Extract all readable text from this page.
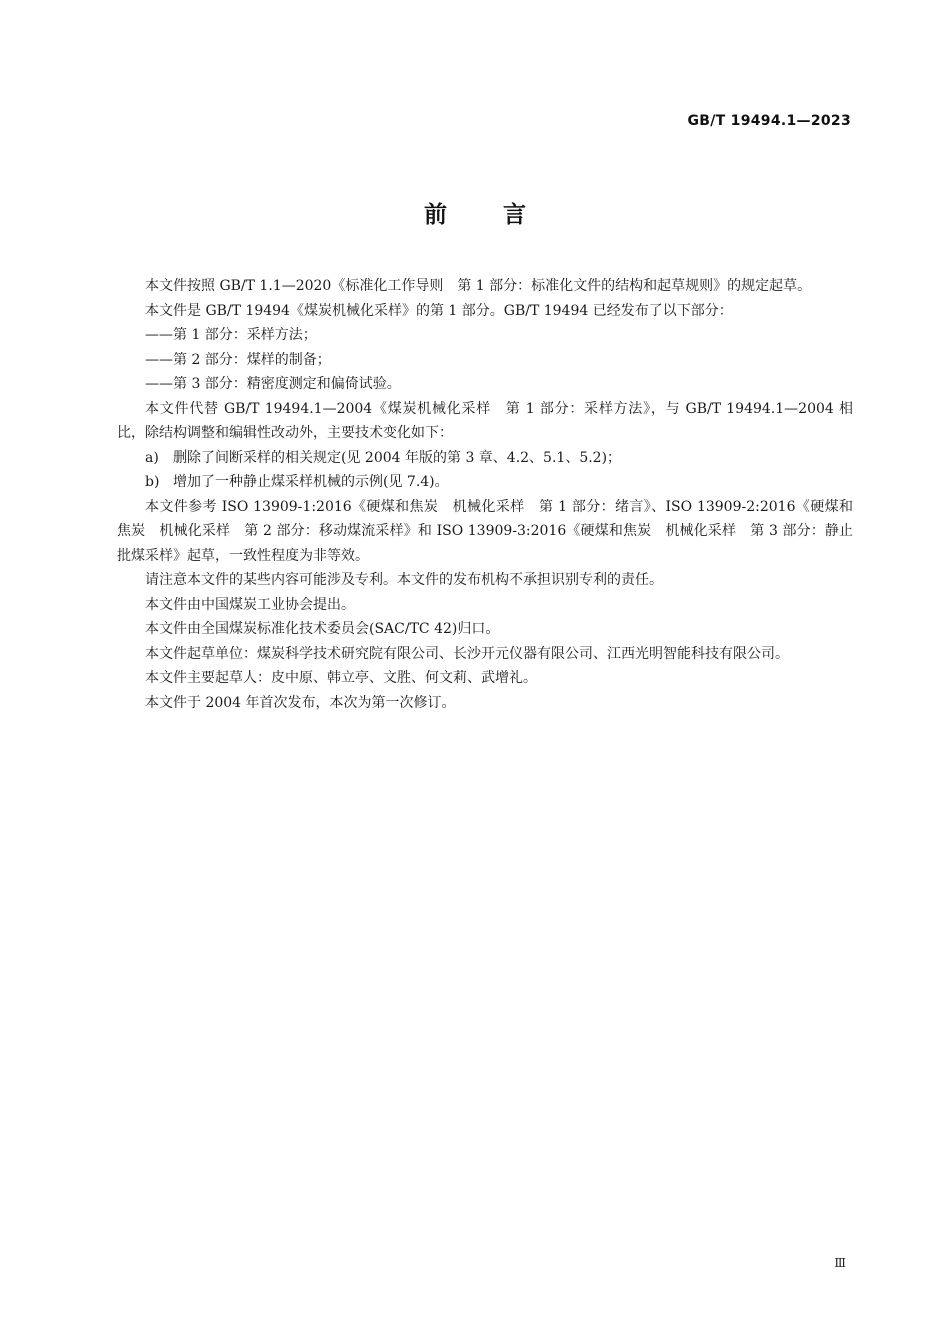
GB/T 19494.1—2023
前言

本文件按照 GB/T 1.1—2020《标准化工作导则　第 1 部分：标准化文件的结构和起草规则》的规定起草。

本文件是 GB/T 19494《煤炭机械化采样》的第 1 部分。GB/T 19494 已经发布了以下部分：

——第 1 部分：采样方法；

——第 2 部分：煤样的制备；

——第 3 部分：精密度测定和偏倚试验。

本文件代替 GB/T 19494.1—2004《煤炭机械化采样　第 1 部分：采样方法》，与 GB/T 19494.1—2004 相比，除结构调整和编辑性改动外，主要技术变化如下：

a) 删除了间断采样的相关规定(见 2004 年版的第 3 章、4.2、5.1、5.2)；

b) 增加了一种静止煤采样机械的示例(见 7.4)。

本文件参考 ISO 13909-1:2016《硬煤和焦炭　机械化采样　第 1 部分：绪言》、ISO 13909-2:2016《硬煤和焦炭　机械化采样　第 2 部分：移动煤流采样》和 ISO 13909-3:2016《硬煤和焦炭　机械化采样　第 3 部分：静止批煤采样》起草，一致性程度为非等效。

请注意本文件的某些内容可能涉及专利。本文件的发布机构不承担识别专利的责任。

本文件由中国煤炭工业协会提出。

本文件由全国煤炭标准化技术委员会(SAC/TC 42)归口。

本文件起草单位：煤炭科学技术研究院有限公司、长沙开元仪器有限公司、江西光明智能科技有限公司。

本文件主要起草人：皮中原、韩立亭、文胜、何文莉、武增礼。

本文件于 2004 年首次发布，本次为第一次修订。

Ⅲ
